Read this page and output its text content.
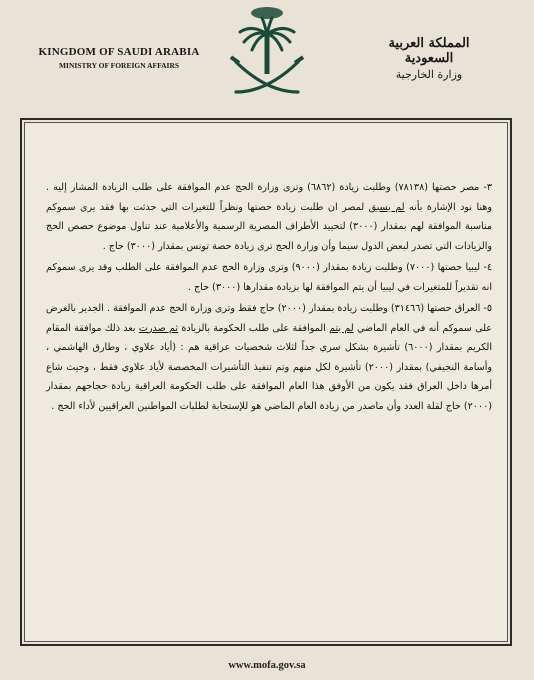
KINGDOM OF SAUDI ARABIA
MINISTRY OF FOREIGN AFFAIRS
المملكة العربية السعودية
وزارة الخارجية

٣- مصر حصتها (٧٨١٣٨) وطلبت زيادة (٦٨٦٢) وترى وزارة الحج عدم الموافقة على طلب الزيادة المشار إليه . وهنا نود الإشارة بأنه لم يسبق لمصر ان طلبت زيادة حصتها ونظراً للتغيرات التي حدثت بها فقد يرى سموكم مناسبة الموافقة لهم بمقدار (٣٠٠٠) لتحييد الأطراف المصرية الرسمية والأعلامية عند تناول موضوع حصص الحج والزيادات التي تصدر لبعض الدول سيما وأن وزارة الحج ترى زيادة حصة تونس بمقدار (٣٠٠٠) حاج .

٤- ليبيا حصتها (٧٠٠٠) وطلبت زيادة بمقدار (٩٠٠٠) وترى وزارة الحج عدم الموافقة على الطلب وقد يرى سموكم انه تقديراً للمتغيرات في ليبيا أن يتم الموافقة لها بزيادة مقدارها (٣٠٠٠) حاج .

٥- العراق حصتها (٣١٤٦٦) وطلبت زيادة بمقدار (٢٠٠٠) حاج فقط وترى وزارة الحج عدم الموافقة . الجدير بالعرض على سموكم أنه في العام الماضي لم يتم الموافقة على طلب الحكومة بالزيادة ثم صدرت بعد ذلك موافقة المقام الكريم بمقدار (٦٠٠٠) تأشيرة بشكل سري جداً لثلاث شخصيات عراقية هم : (أياد علاوي ، وطارق الهاشمي ، وأسامة النجيفي) بمقدار (٢٠٠٠) تأشيرة لكل منهم وتم تنفيذ التأشيرات المخصصة لأياد علاوي فقط ، وحيث شاع أمرها داخل العراق فقد يكون من الأوفق هذا العام الموافقة على طلب الحكومة العراقية زيادة حجاجهم بمقدار (٢٠٠٠) حاج لقلة العدد وأن ماصدر من زيادة العام الماضي هو للإستجابة لطلبات المواطنين العراقيين لأداء الحج .

www.mofa.gov.sa
